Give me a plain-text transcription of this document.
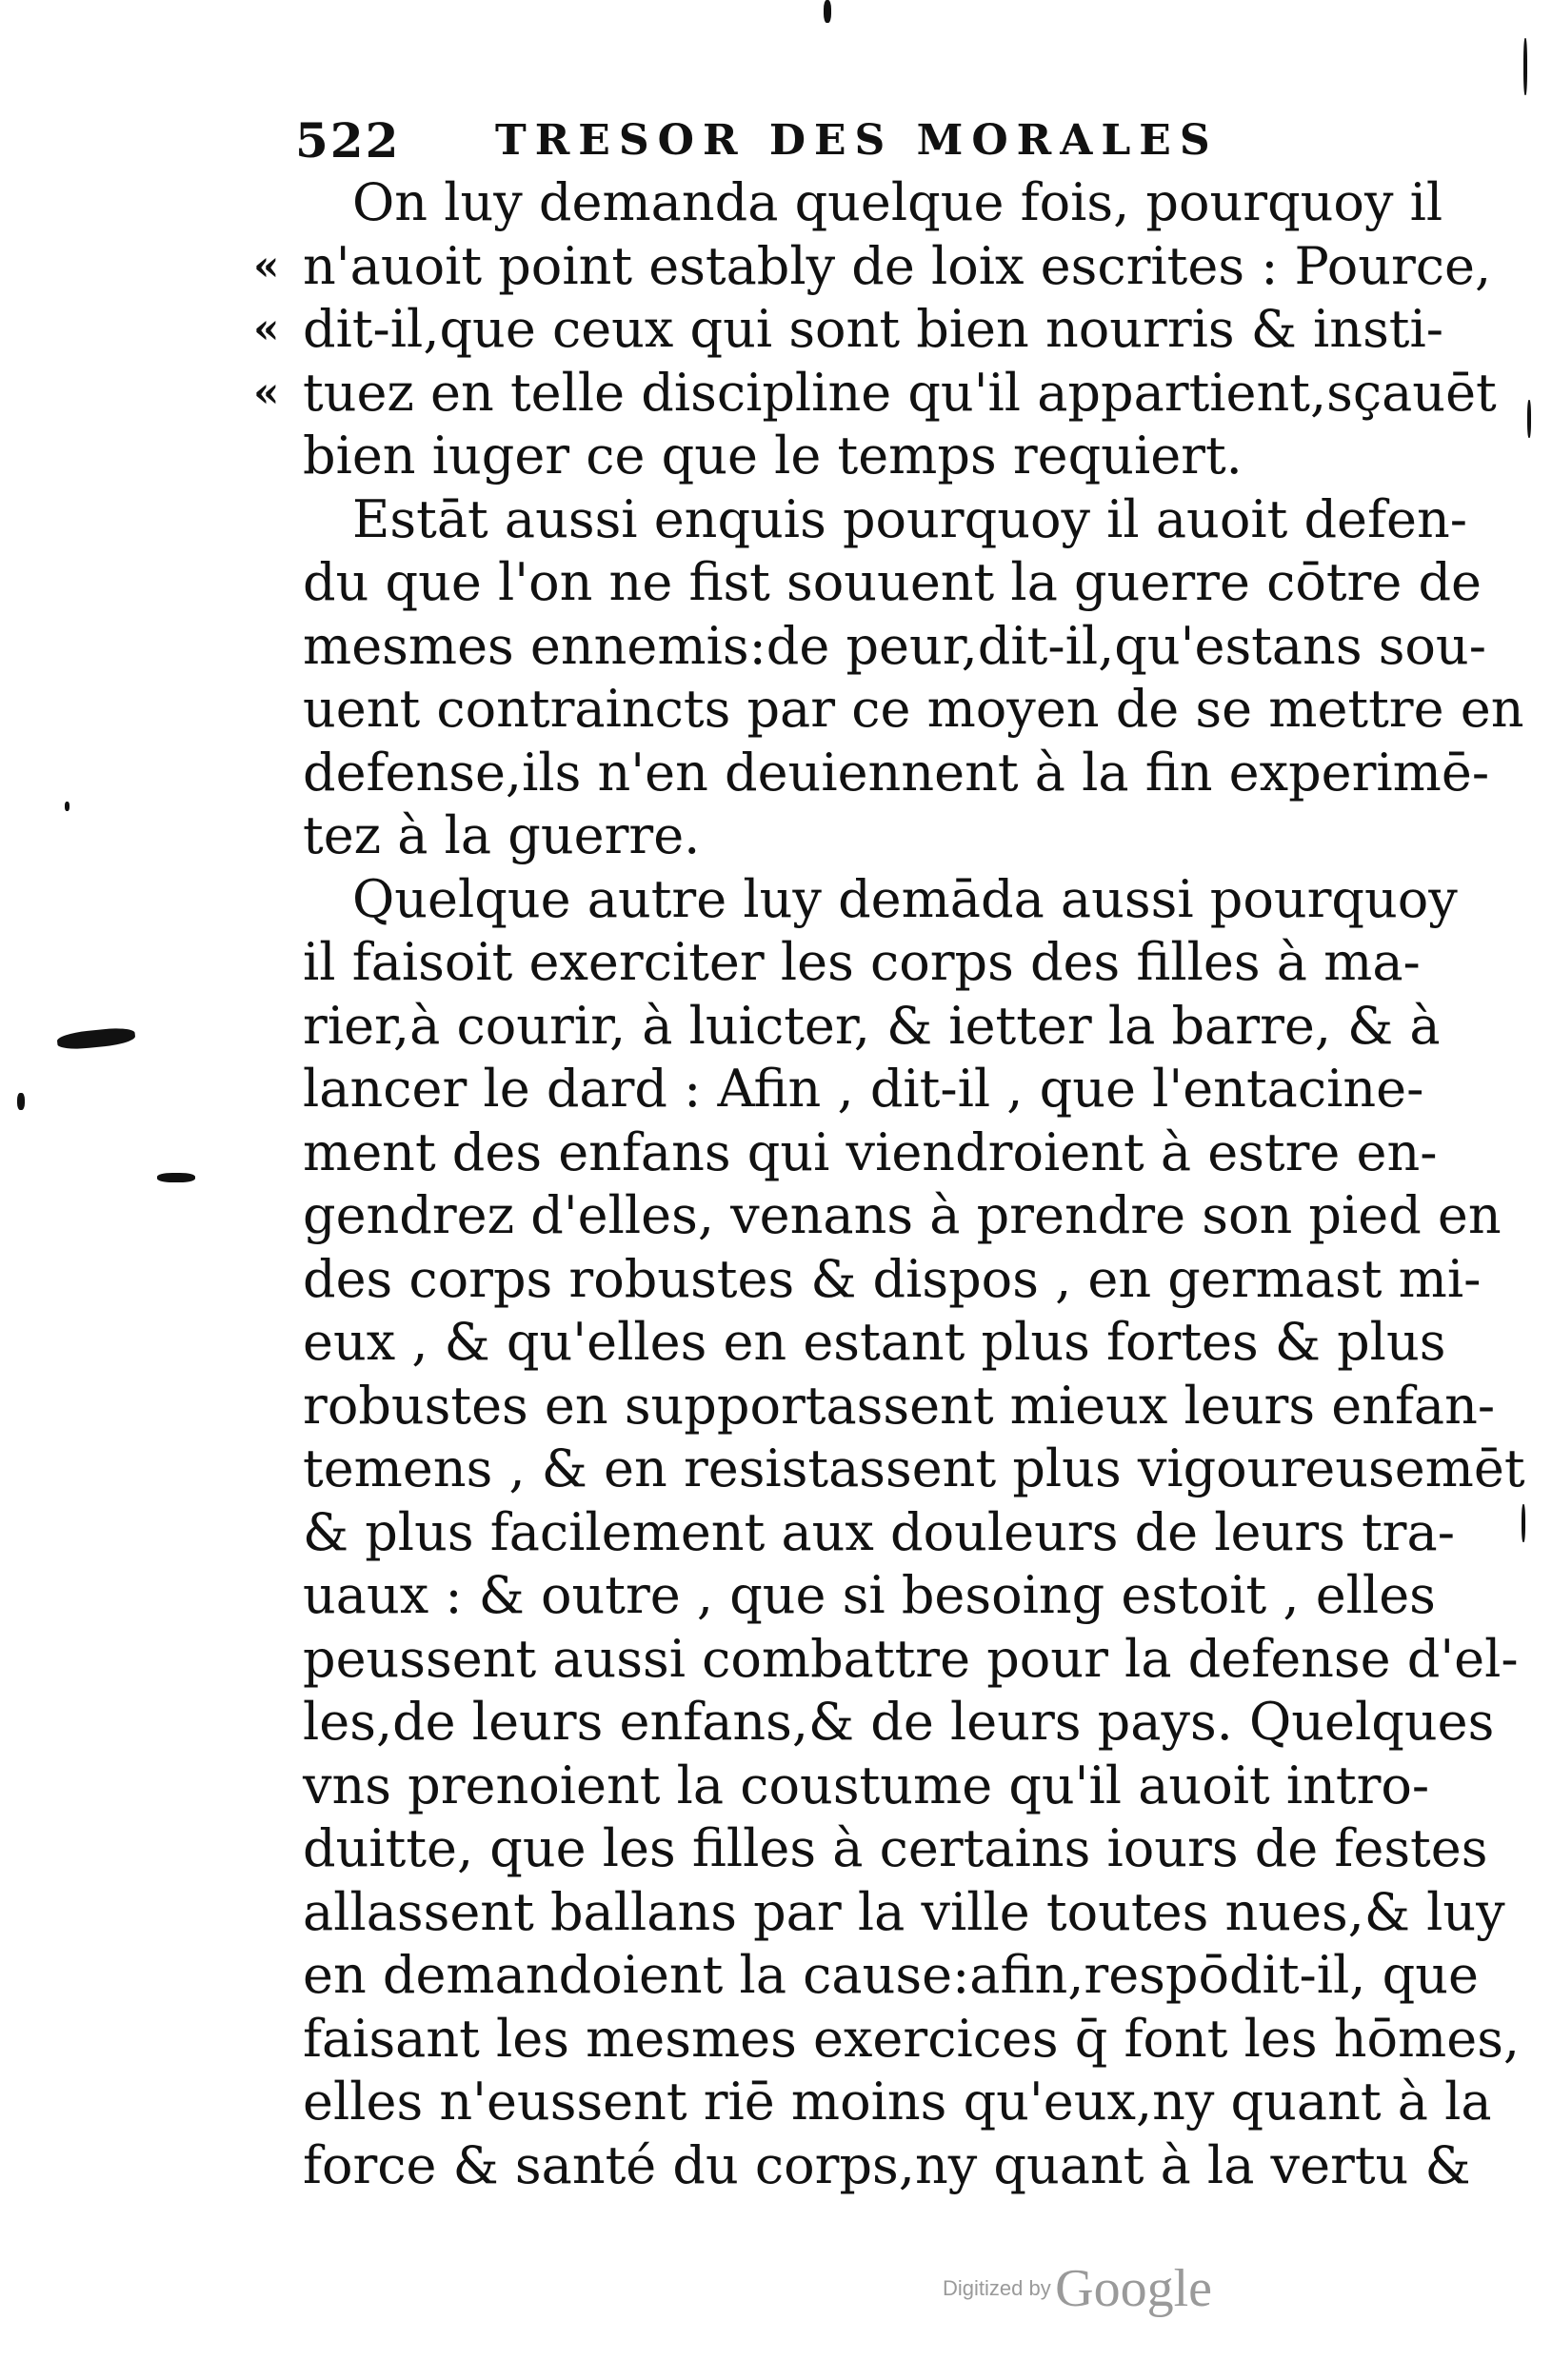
522 TRESOR DES MORALES
On luy demanda quelque fois, pourquoy il
« n'auoit point estably de loix escrites : Pource,
« dit-il,que ceux qui sont bien nourris & insti-
« tuez en telle discipline qu'il appartient,sçauēt
bien iuger ce que le temps requiert.
Estāt aussi enquis pourquoy il auoit defen-
du que l'on ne fist souuent la guerre cōtre de
mesmes ennemis:de peur,dit-il,qu'estans sou-
uent contraincts par ce moyen de se mettre en
defense,ils n'en deuiennent à la fin experimē-
tez à la guerre.
Quelque autre luy demāda aussi pourquoy
il faisoit exerciter les corps des filles à ma-
rier,à courir, à luicter, & ietter la barre, & à
lancer le dard : Afin , dit-il , que l'entacine-
ment des enfans qui viendroient à estre en-
gendrez d'elles, venans à prendre son pied en
des corps robustes & dispos , en germast mi-
eux , & qu'elles en estant plus fortes & plus
robustes en supportassent mieux leurs enfan-
temens , & en resistassent plus vigoureusemēt
& plus facilement aux douleurs de leurs tra-
uaux : & outre , que si besoing estoit , elles
peussent aussi combattre pour la defense d'el-
les,de leurs enfans,& de leurs pays. Quelques
vns prenoient la coustume qu'il auoit intro-
duitte, que les filles à certains iours de festes
allassent ballans par la ville toutes nues,& luy
en demandoient la cause:afin,respōdit-il, que
faisant les mesmes exercices q̄ font les hōmes,
elles n'eussent riē moins qu'eux,ny quant à la
force & santé du corps,ny quant à la vertu &
Digitized by Google
